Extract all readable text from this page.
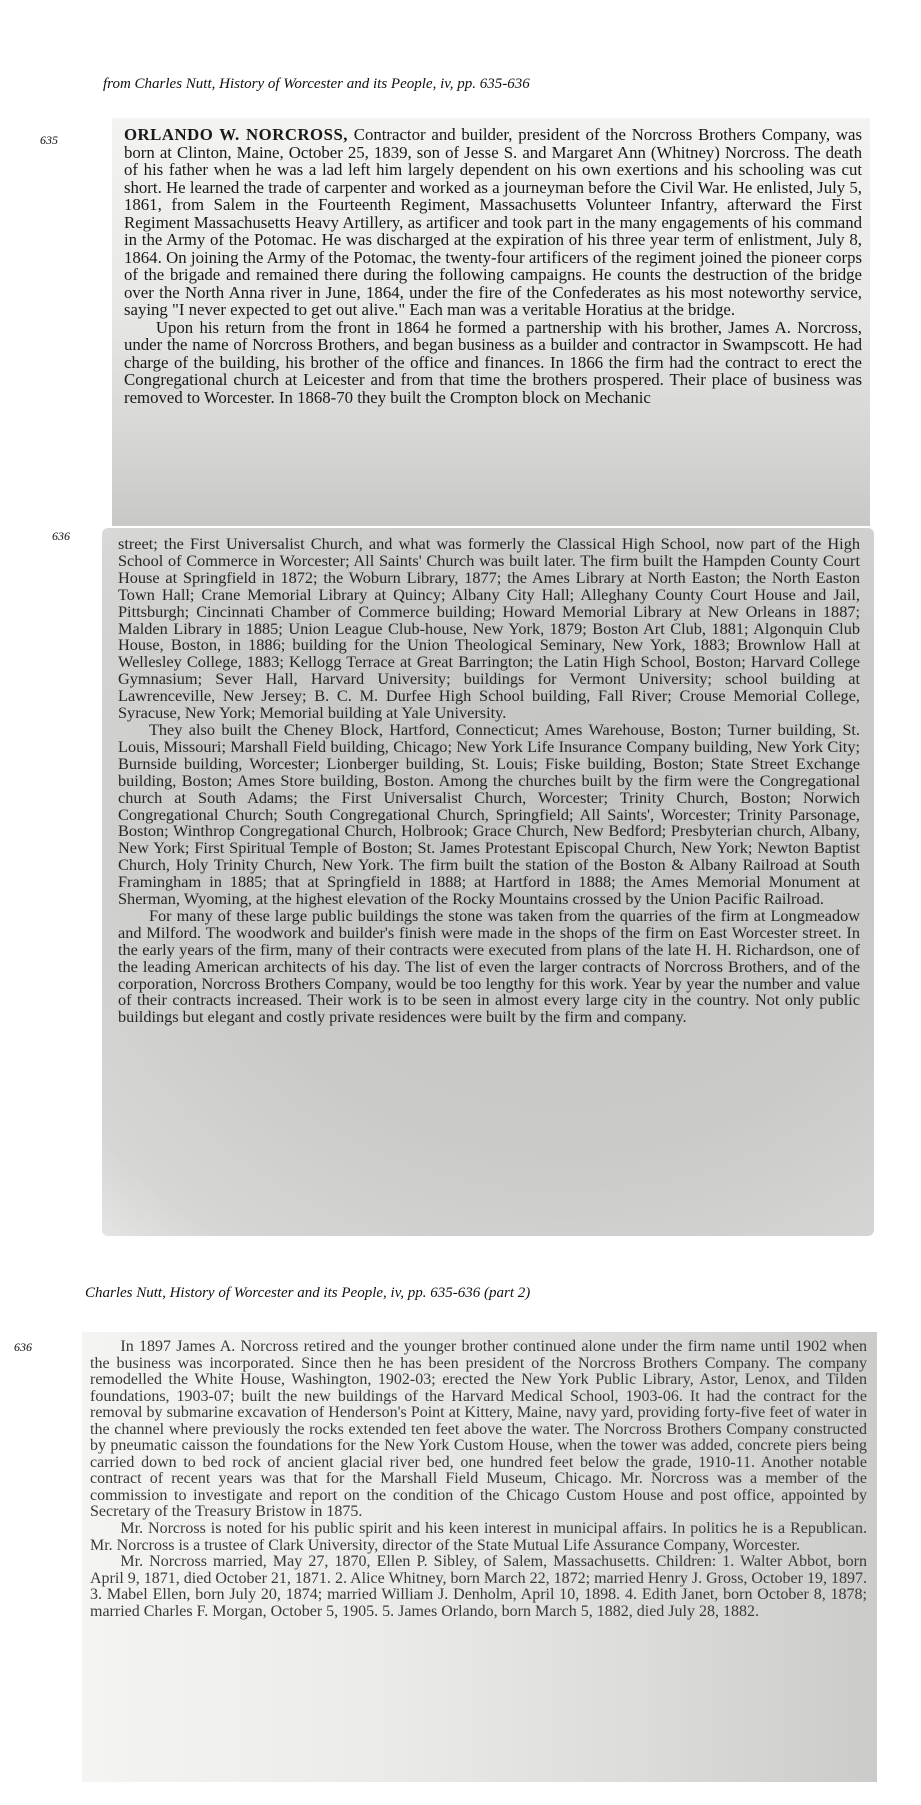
from Charles Nutt, History of Worcester and its People, iv, pp. 635-636
635	ORLANDO W. NORCROSS, Contractor and builder, president of the Norcross Brothers Company, was born at Clinton, Maine, October 25, 1839, son of Jesse S. and Margaret Ann (Whitney) Norcross. The death of his father when he was a lad left him largely dependent on his own exertions and his schooling was cut short. He learned the trade of carpenter and worked as a journeyman before the Civil War. He enlisted, July 5, 1861, from Salem in the Fourteenth Regiment, Massachusetts Volunteer Infantry, afterward the First Regiment Massachusetts Heavy Artillery, as artificer and took part in the many engagements of his command in the Army of the Potomac. He was discharged at the expiration of his three year term of enlistment, July 8, 1864. On joining the Army of the Potomac, the twenty-four artificers of the regiment joined the pioneer corps of the brigade and remained there during the following campaigns. He counts the destruction of the bridge over the North Anna river in June, 1864, under the fire of the Confederates as his most noteworthy service, saying "I never expected to get out alive." Each man was a veritable Horatius at the bridge.

Upon his return from the front in 1864 he formed a partnership with his brother, James A. Norcross, under the name of Norcross Brothers, and began business as a builder and contractor in Swampscott. He had charge of the building, his brother of the office and finances. In 1866 the firm had the contract to erect the Congregational church at Leicester and from that time the brothers prospered. Their place of business was removed to Worcester. In 1868-70 they built the Crompton block on Mechanic

636	street; the First Universalist Church, and what was formerly the Classical High School, now part of the High School of Commerce in Worcester; All Saints' Church was built later. The firm built the Hampden County Court House at Springfield in 1872; the Woburn Library, 1877; the Ames Library at North Easton; the North Easton Town Hall; Crane Memorial Library at Quincy; Albany City Hall; Alleghany County Court House and Jail, Pittsburgh; Cincinnati Chamber of Commerce building; Howard Memorial Library at New Orleans in 1887; Malden Library in 1885; Union League Club-house, New York, 1879; Boston Art Club, 1881; Algonquin Club House, Boston, in 1886; building for the Union Theological Seminary, New York, 1883; Brownlow Hall at Wellesley College, 1883; Kellogg Terrace at Great Barrington; the Latin High School, Boston; Harvard College Gymnasium; Sever Hall, Harvard University; buildings for Vermont University; school building at Lawrenceville, New Jersey; B. C. M. Durfee High School building, Fall River; Crouse Memorial College, Syracuse, New York; Memorial building at Yale University.

They also built the Cheney Block, Hartford, Connecticut; Ames Warehouse, Boston; Turner building, St. Louis, Missouri; Marshall Field building, Chicago; New York Life Insurance Company building, New York City; Burnside building, Worcester; Lionberger building, St. Louis; Fiske building, Boston; State Street Exchange building, Boston; Ames Store building, Boston. Among the churches built by the firm were the Congregational church at South Adams; the First Universalist Church, Worcester; Trinity Church, Boston; Norwich Congregational Church; South Congregational Church, Springfield; All Saints', Worcester; Trinity Parsonage, Boston; Winthrop Congregational Church, Holbrook; Grace Church, New Bedford; Presbyterian church, Albany, New York; First Spiritual Temple of Boston; St. James Protestant Episcopal Church, New York; Newton Baptist Church, Holy Trinity Church, New York. The firm built the station of the Boston & Albany Railroad at South Framingham in 1885; that at Springfield in 1888; at Hartford in 1888; the Ames Memorial Monument at Sherman, Wyoming, at the highest elevation of the Rocky Mountains crossed by the Union Pacific Railroad.

For many of these large public buildings the stone was taken from the quarries of the firm at Longmeadow and Milford. The woodwork and builder's finish were made in the shops of the firm on East Worcester street. In the early years of the firm, many of their contracts were executed from plans of the late H. H. Richardson, one of the leading American architects of his day. The list of even the larger contracts of Norcross Brothers, and of the corporation, Norcross Brothers Company, would be too lengthy for this work. Year by year the number and value of their contracts increased. Their work is to be seen in almost every large city in the country. Not only public buildings but elegant and costly private residences were built by the firm and company.

Charles Nutt, History of Worcester and its People, iv, pp. 635-636 (part 2)
636	In 1897 James A. Norcross retired and the younger brother continued alone under the firm name until 1902 when the business was incorporated. Since then he has been president of the Norcross Brothers Company. The company remodelled the White House, Washington, 1902-03; erected the New York Public Library, Astor, Lenox, and Tilden foundations, 1903-07; built the new buildings of the Harvard Medical School, 1903-06. It had the contract for the removal by submarine excavation of Henderson's Point at Kittery, Maine, navy yard, providing forty-five feet of water in the channel where previously the rocks extended ten feet above the water. The Norcross Brothers Company constructed by pneumatic caisson the foundations for the New York Custom House, when the tower was added, concrete piers being carried down to bed rock of ancient glacial river bed, one hundred feet below the grade, 1910-11. Another notable contract of recent years was that for the Marshall Field Museum, Chicago. Mr. Norcross was a member of the commission to investigate and report on the condition of the Chicago Custom House and post office, appointed by Secretary of the Treasury Bristow in 1875.

Mr. Norcross is noted for his public spirit and his keen interest in municipal affairs. In politics he is a Republican. Mr. Norcross is a trustee of Clark University, director of the State Mutual Life Assurance Company, Worcester.

Mr. Norcross married, May 27, 1870, Ellen P. Sibley, of Salem, Massachusetts. Children: 1. Walter Abbot, born April 9, 1871, died October 21, 1871. 2. Alice Whitney, born March 22, 1872; married Henry J. Gross, October 19, 1897. 3. Mabel Ellen, born July 20, 1874; married William J. Denholm, April 10, 1898. 4. Edith Janet, born October 8, 1878; married Charles F. Morgan, October 5, 1905. 5. James Orlando, born March 5, 1882, died July 28, 1882.
